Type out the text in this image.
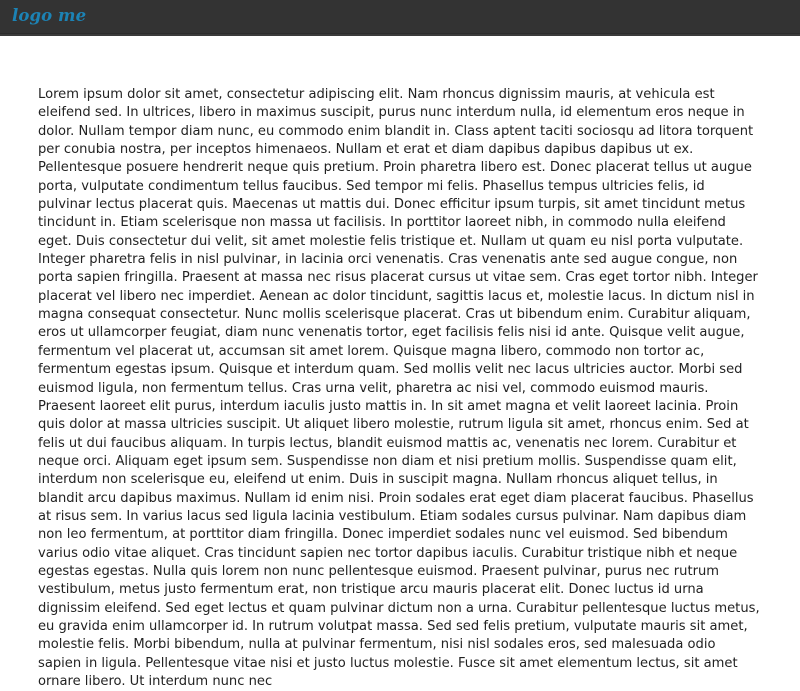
logo me

Lorem ipsum dolor sit amet, consectetur adipiscing elit. Nam rhoncus dignissim mauris, at vehicula est eleifend sed. In ultrices, libero in maximus suscipit, purus nunc interdum nulla, id elementum eros neque in dolor. Nullam tempor diam nunc, eu commodo enim blandit in. Class aptent taciti sociosqu ad litora torquent per conubia nostra, per inceptos himenaeos. Nullam et erat et diam dapibus dapibus dapibus ut ex. Pellentesque posuere hendrerit neque quis pretium. Proin pharetra libero est. Donec placerat tellus ut augue porta, vulputate condimentum tellus faucibus. Sed tempor mi felis. Phasellus tempus ultricies felis, id pulvinar lectus placerat quis. Maecenas ut mattis dui. Donec efficitur ipsum turpis, sit amet tincidunt metus tincidunt in. Etiam scelerisque non massa ut facilisis. In porttitor laoreet nibh, in commodo nulla eleifend eget. Duis consectetur dui velit, sit amet molestie felis tristique et. Nullam ut quam eu nisl porta vulputate. Integer pharetra felis in nisl pulvinar, in lacinia orci venenatis. Cras venenatis ante sed augue congue, non porta sapien fringilla. Praesent at massa nec risus placerat cursus ut vitae sem. Cras eget tortor nibh. Integer placerat vel libero nec imperdiet. Aenean ac dolor tincidunt, sagittis lacus et, molestie lacus. In dictum nisl in magna consequat consectetur. Nunc mollis scelerisque placerat. Cras ut bibendum enim. Curabitur aliquam, eros ut ullamcorper feugiat, diam nunc venenatis tortor, eget facilisis felis nisi id ante. Quisque velit augue, fermentum vel placerat ut, accumsan sit amet lorem. Quisque magna libero, commodo non tortor ac, fermentum egestas ipsum. Quisque et interdum quam. Sed mollis velit nec lacus ultricies auctor. Morbi sed euismod ligula, non fermentum tellus. Cras urna velit, pharetra ac nisi vel, commodo euismod mauris. Praesent laoreet elit purus, interdum iaculis justo mattis in. In sit amet magna et velit laoreet lacinia. Proin quis dolor at massa ultricies suscipit. Ut aliquet libero molestie, rutrum ligula sit amet, rhoncus enim. Sed at felis ut dui faucibus aliquam. In turpis lectus, blandit euismod mattis ac, venenatis nec lorem. Curabitur et neque orci. Aliquam eget ipsum sem. Suspendisse non diam et nisi pretium mollis. Suspendisse quam elit, interdum non scelerisque eu, eleifend ut enim. Duis in suscipit magna. Nullam rhoncus aliquet tellus, in blandit arcu dapibus maximus. Nullam id enim nisi. Proin sodales erat eget diam placerat faucibus. Phasellus at risus sem. In varius lacus sed ligula lacinia vestibulum. Etiam sodales cursus pulvinar. Nam dapibus diam non leo fermentum, at porttitor diam fringilla. Donec imperdiet sodales nunc vel euismod. Sed bibendum varius odio vitae aliquet. Cras tincidunt sapien nec tortor dapibus iaculis. Curabitur tristique nibh et neque egestas egestas. Nulla quis lorem non nunc pellentesque euismod. Praesent pulvinar, purus nec rutrum vestibulum, metus justo fermentum erat, non tristique arcu mauris placerat elit. Donec luctus id urna dignissim eleifend. Sed eget lectus et quam pulvinar dictum non a urna. Curabitur pellentesque luctus metus, eu gravida enim ullamcorper id. In rutrum volutpat massa. Sed sed felis pretium, vulputate mauris sit amet, molestie felis. Morbi bibendum, nulla at pulvinar fermentum, nisi nisl sodales eros, sed malesuada odio sapien in ligula. Pellentesque vitae nisi et justo luctus molestie. Fusce sit amet elementum lectus, sit amet ornare libero. Ut interdum nunc nec
